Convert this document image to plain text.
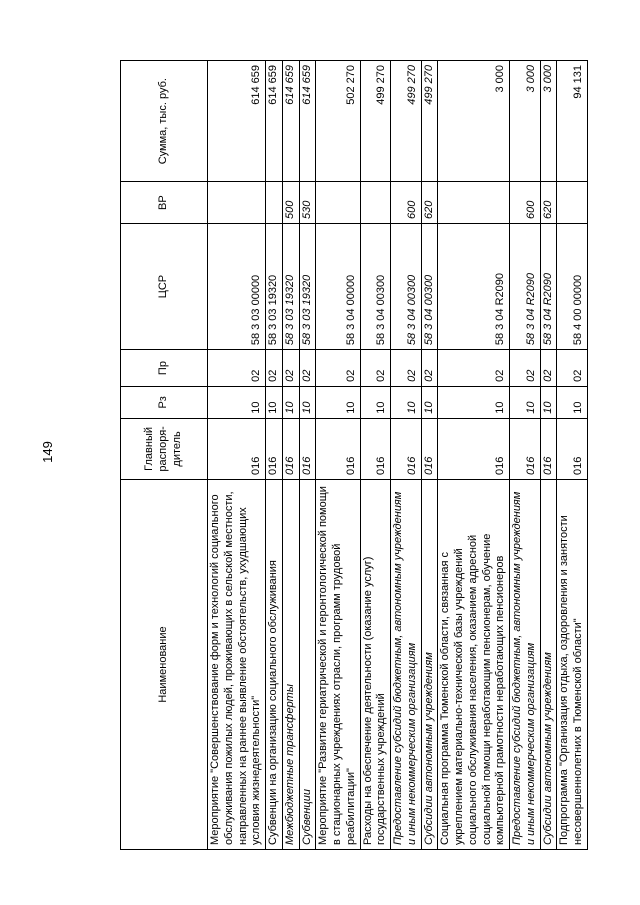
149
Наименование	Главный распоря-дитель	Рз	Пр	ЦСР	ВР	Сумма, тыс. руб.
Мероприятие "Совершенствование форм и технологий социального обслуживания пожилых людей, проживающих в сельской местности, направленных на раннее выявление обстоятельств, ухудшающих условия жизнедеятельности"	016	10	02	58 3 03 00000		614 659
Субвенции на организацию социального обслуживания	016	10	02	58 3 03 19320		614 659
Межбюджетные трансферты	016	10	02	58 3 03 19320	500	614 659
Субвенции	016	10	02	58 3 03 19320	530	614 659
Мероприятие "Развитие гериатрической и геронтологической помощи в стационарных учреждениях отрасли, программ трудовой реабилитации"	016	10	02	58 3 04 00000		502 270
Расходы на обеспечение деятельности (оказание услуг) государственных учреждений	016	10	02	58 3 04 00300		499 270
Предоставление субсидий бюджетным, автономным учреждениям и иным некоммерческим организациям	016	10	02	58 3 04 00300	600	499 270
Субсидии автономным учреждениям	016	10	02	58 3 04 00300	620	499 270
Социальная программа Тюменской области, связанная с укреплением материально-технической базы учреждений социального обслуживания населения, оказанием адресной социальной помощи неработающим пенсионерам, обучение компьютерной грамотности неработающих пенсионеров	016	10	02	58 3 04 R2090		3 000
Предоставление субсидий бюджетным, автономным учреждениям и иным некоммерческим организациям	016	10	02	58 3 04 R2090	600	3 000
Субсидии автономным учреждениям	016	10	02	58 3 04 R2090	620	3 000
Подпрограмма "Организация отдыха, оздоровления и занятости несовершеннолетних в Тюменской области"	016	10	02	58 4 00 00000		94 131
